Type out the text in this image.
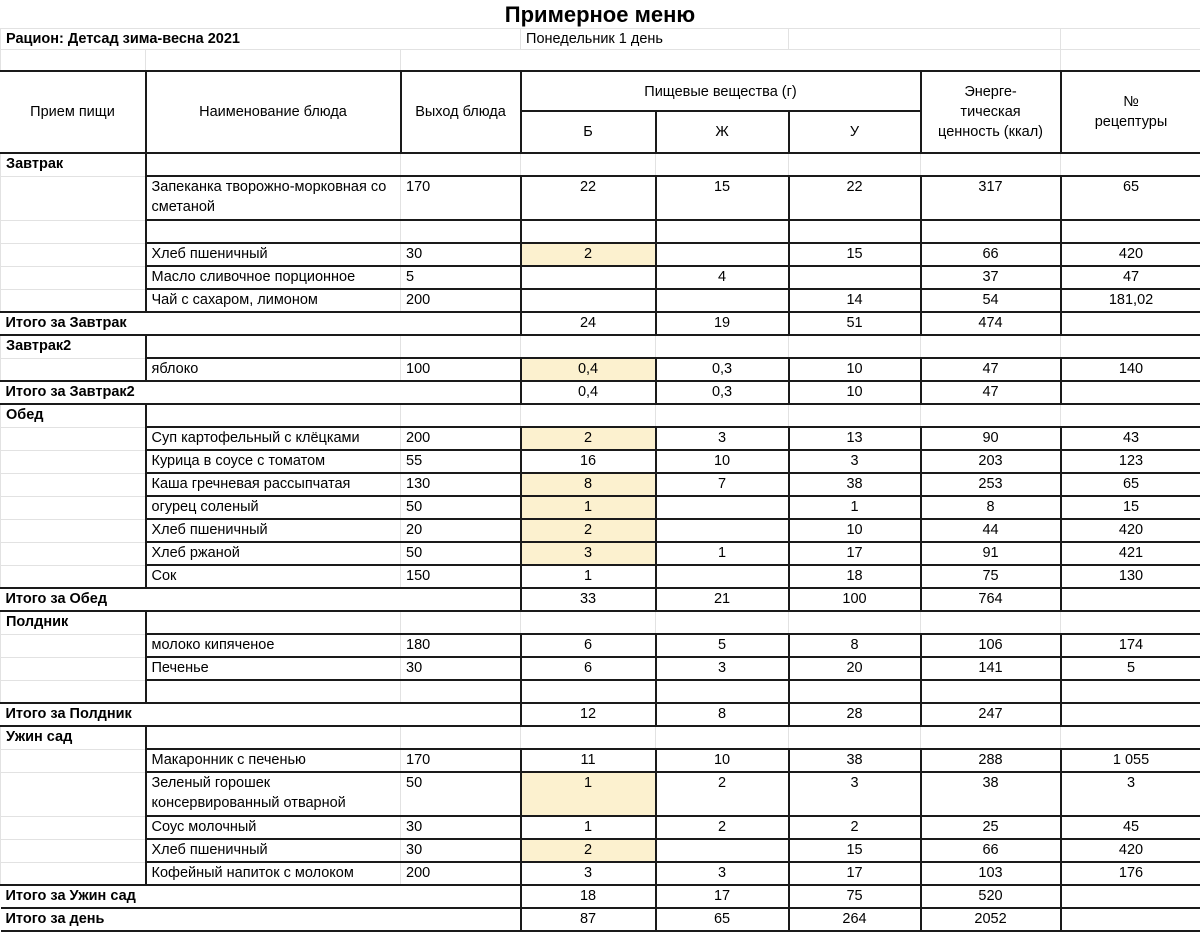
Примерное меню
Рацион: Детсад зима-весна 2021			Понедельник 1 день				

Прием пищи	Наименование блюда	Выход блюда	Пищевые вещества (г)			Энерге-
тическая
ценность (ккал)	№
рецептуры
			Б	Ж	У		
Завтрак							
	Запеканка творожно-морковная со сметаной	170	22	15	22	317	65

	Хлеб пшеничный	30	2		15	66	420
	Масло сливочное порционное	5		4		37	47
	Чай с сахаром, лимоном	200			14	54	181,02
Итого за Завтрак			24	19	51	474	
Завтрак2							
	яблоко	100	0,4	0,3	10	47	140
Итого за Завтрак2			0,4	0,3	10	47	
Обед							
	Суп картофельный с клёцками	200	2	3	13	90	43
	Курица в соусе с томатом	55	16	10	3	203	123
	Каша гречневая рассыпчатая	130	8	7	38	253	65
	огурец соленый	50	1		1	8	15
	Хлеб пшеничный	20	2		10	44	420
	Хлеб ржаной	50	3	1	17	91	421
	Сок	150	1		18	75	130
Итого за Обед			33	21	100	764	
Полдник							
	молоко кипяченое	180	6	5	8	106	174
	Печенье	30	6	3	20	141	5

Итого за Полдник			12	8	28	247	
Ужин сад							
	Макаронник с печенью	170	11	10	38	288	1 055
	Зеленый горошек консервированный отварной	50	1	2	3	38	3
	Соус молочный	30	1	2	2	25	45
	Хлеб пшеничный	30	2		15	66	420
	Кофейный напиток с молоком	200	3	3	17	103	176
Итого за Ужин сад			18	17	75	520	
Итого за день			87	65	264	2052	
